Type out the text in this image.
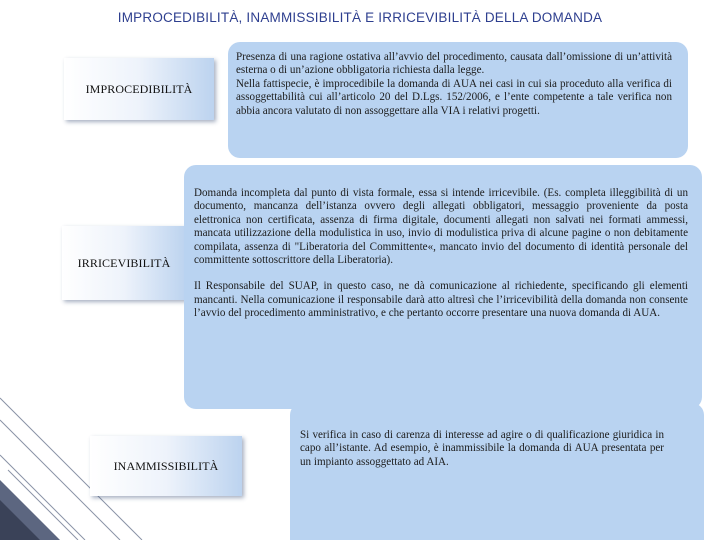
IMPROCEDIBILITÀ, INAMMISSIBILITÀ E IRRICEVIBILITÀ DELLA DOMANDA
IMPROCEDIBILITÀ

Presenza di una ragione ostativa all’avvio del procedimento, causata dall’omissione di un’attività esterna o di un’azione obbligatoria richiesta dalla legge.

Nella fattispecie, è improcedibile la domanda di AUA nei casi in cui sia proceduto alla verifica di assoggettabilità cui all’articolo 20 del D.Lgs. 152/2006, e l’ente competente a tale verifica non abbia ancora valutato di non assoggettare alla VIA i relativi progetti.

IRRICEVIBILITÀ

Domanda incompleta dal punto di vista formale, essa si intende irricevibile. (Es. completa illeggibilità di un documento, mancanza dell’istanza ovvero degli allegati obbligatori, messaggio proveniente da posta elettronica non certificata, assenza di firma digitale, documenti allegati non salvati nei formati ammessi, mancata utilizzazione della modulistica in uso, invio di modulistica priva di alcune pagine o non debitamente compilata, assenza di "Liberatoria del Committente«, mancato invio del documento di identità personale del committente sottoscrittore della Liberatoria).

Il Responsabile del SUAP, in questo caso, ne dà comunicazione al richiedente, specificando gli elementi mancanti. Nella comunicazione il responsabile darà atto altresì che l’irricevibilità della domanda non consente l’avvio del procedimento amministrativo, e che pertanto occorre presentare una nuova domanda di AUA.

INAMMISSIBILITÀ

Si verifica in caso di carenza di interesse ad agire o di qualificazione giuridica in capo all’istante. Ad esempio, è inammissibile la domanda di AUA presentata per un impianto assoggettato ad AIA.
